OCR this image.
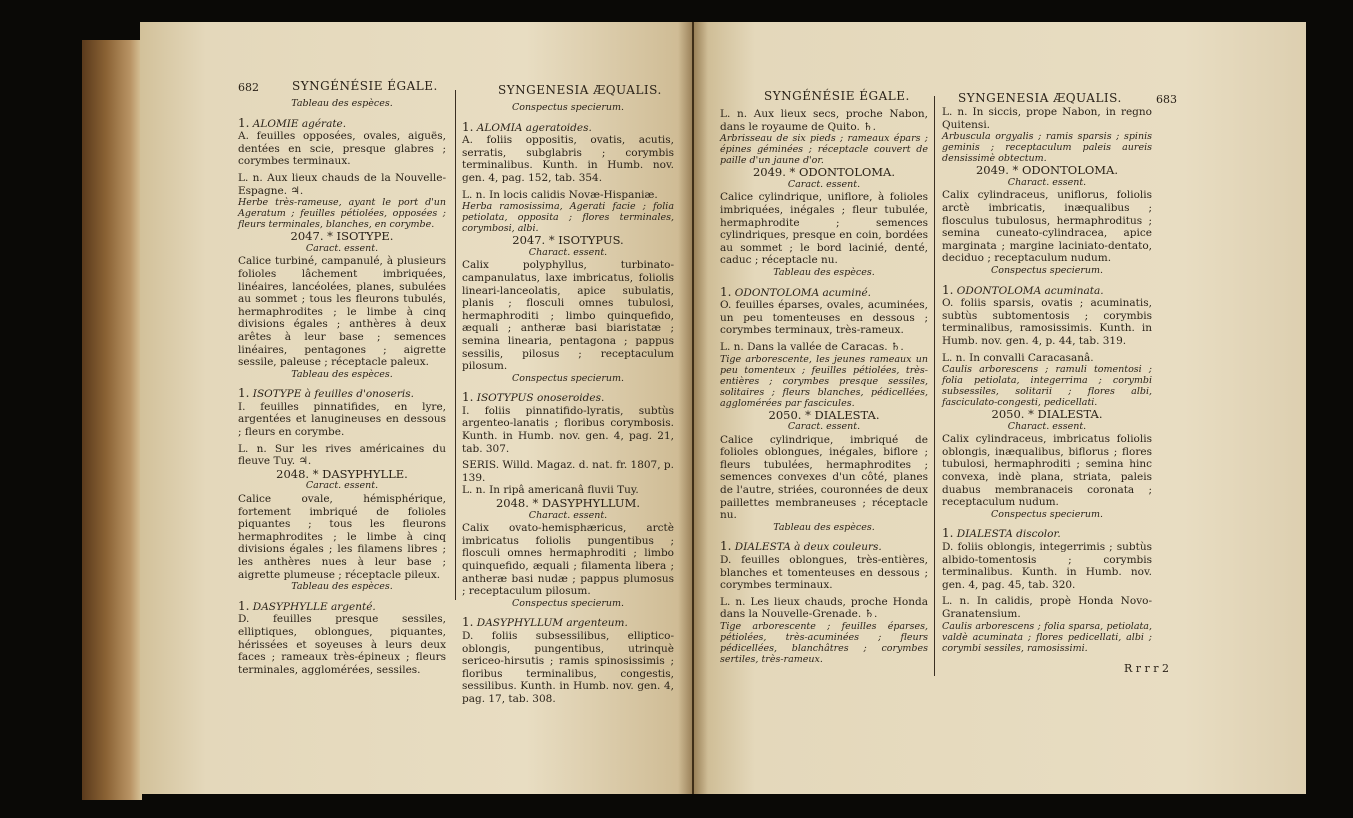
682	SYNGÉNÉSIE ÉGALE.	SYNGENESIA ÆQUALIS.

Tableau des espèces.

1. ALOMIE agérate.
A. feuilles opposées, ovales, aiguës, dentées en scie, presque glabres ; corymbes terminaux.

L. n. Aux lieux chauds de la Nouvelle-Espagne. ♃.

Herbe très-rameuse, ayant le port d'un Ageratum ; feuilles pétiolées, opposées ; fleurs terminales, blanches, en corymbe.

2047. * ISOTYPE.

Caract. essent.

Calice turbiné, campanulé, à plusieurs folioles lâchement imbriquées, linéaires, lancéolées, planes, subulées au sommet ; tous les fleurons tubulés, hermaphrodites ; le limbe à cinq divisions égales ; anthères à deux arêtes à leur base ; semences linéaires, pentagones ; aigrette sessile, paleuse ; réceptacle paleux.

Tableau des espèces.

1. ISOTYPE à feuilles d'onoseris.
I. feuilles pinnatifides, en lyre, argentées et lanugineuses en dessous ; fleurs en corymbe.

L. n. Sur les rives américaines du fleuve Tuy. ♃.

2048. * DASYPHYLLE.

Caract. essent.

Calice ovale, hémisphérique, fortement imbriqué de folioles piquantes ; tous les fleurons hermaphrodites ; le limbe à cinq divisions égales ; les filamens libres ; les anthères nues à leur base ; aigrette plumeuse ; réceptacle pileux.

Tableau des espèces.

1. DASYPHYLLE argenté.
D. feuilles presque sessiles, elliptiques, oblongues, piquantes, hérissées et soyeuses à leurs deux faces ; rameaux très-épineux ; fleurs terminales, agglomérées, sessiles.

Conspectus specierum.

1. ALOMIA ageratoides.
A. foliis oppositis, ovatis, acutis, serratis, subglabris ; corymbis terminalibus. Kunth. in Humb. nov. gen. 4, pag. 152, tab. 354.

L. n. In locis calidis Novæ-Hispaniæ.

Herba ramosissima, Agerati facie ; folia petiolata, opposita ; flores terminales, corymbosi, albi.

2047. * ISOTYPUS.

Charact. essent.

Calix polyphyllus, turbinato-campanulatus, laxe imbricatus, foliolis lineari-lanceolatis, apice subulatis, planis ; flosculi omnes tubulosi, hermaphroditi ; limbo quinquefido, æquali ; antheræ basi biaristatæ ; semina linearia, pentagona ; pappus sessilis, pilosus ; receptaculum pilosum.

Conspectus specierum.

1. ISOTYPUS onoseroides.
I. foliis pinnatifido-lyratis, subtùs argenteo-lanatis ; floribus corymbosis. Kunth. in Humb. nov. gen. 4, pag. 21, tab. 307.

SERIS. Willd. Magaz. d. nat. fr. 1807, p. 139.

L. n. In ripâ americanâ fluvii Tuy.

2048. * DASYPHYLLUM.

Charact. essent.

Calix ovato-hemisphæricus, arctè imbricatus foliolis pungentibus ; flosculi omnes hermaphroditi ; limbo quinquefido, æquali ; filamenta libera ; antheræ basi nudæ ; pappus plumosus ; receptaculum pilosum.

Conspectus specierum.

1. DASYPHYLLUM argenteum.
D. foliis subsessilibus, elliptico-oblongis, pungentibus, utrinquè sericeo-hirsutis ; ramis spinosissimis ; floribus terminalibus, congestis, sessilibus. Kunth. in Humb. nov. gen. 4, pag. 17, tab. 308.
SYNGÉNÉSIE ÉGALE.	SYNGENESIA ÆQUALIS.	683

L. n. Aux lieux secs, proche Nabon, dans le royaume de Quito. ♄.

Arbrisseau de six pieds ; rameaux épars ; épines géminées ; réceptacle couvert de paille d'un jaune d'or.

2049. * ODONTOLOMA.

Caract. essent.

Calice cylindrique, uniflore, à folioles imbriquées, inégales ; fleur tubulée, hermaphrodite ; semences cylindriques, presque en coin, bordées au sommet ; le bord lacinié, denté, caduc ; réceptacle nu.

Tableau des espèces.

1. ODONTOLOMA acuminé.
O. feuilles éparses, ovales, acuminées, un peu tomenteuses en dessous ; corymbes terminaux, très-rameux.

L. n. Dans la vallée de Caracas. ♄.

Tige arborescente, les jeunes rameaux un peu tomenteux ; feuilles pétiolées, très-entières ; corymbes presque sessiles, solitaires ; fleurs blanches, pédicellées, agglomérées par fascicules.

2050. * DIALESTA.

Caract. essent.

Calice cylindrique, imbriqué de folioles oblongues, inégales, biflore ; fleurs tubulées, hermaphrodites ; semences convexes d'un côté, planes de l'autre, striées, couronnées de deux paillettes membraneuses ; réceptacle nu.

Tableau des espèces.

1. DIALESTA à deux couleurs.
D. feuilles oblongues, très-entières, blanches et tomenteuses en dessous ; corymbes terminaux.

L. n. Les lieux chauds, proche Honda dans la Nouvelle-Grenade. ♄.

Tige arborescente ; feuilles éparses, pétiolées, très-acuminées ; fleurs pédicellées, blanchâtres ; corymbes sertiles, très-rameux.

L. n. In siccis, prope Nabon, in regno Quitensi.

Arbuscula orgyalis ; ramis sparsis ; spinis geminis ; receptaculum paleis aureis densissimè obtectum.

2049. * ODONTOLOMA.

Charact. essent.

Calix cylindraceus, uniflorus, foliolis arctè imbricatis, inæqualibus ; flosculus tubulosus, hermaphroditus ; semina cuneato-cylindracea, apice marginata ; margine laciniato-dentato, deciduo ; receptaculum nudum.

Conspectus specierum.

1. ODONTOLOMA acuminata.
O. foliis sparsis, ovatis ; acuminatis, subtùs subtomentosis ; corymbis terminalibus, ramosissimis. Kunth. in Humb. nov. gen. 4, p. 44, tab. 319.

L. n. In convalli Caracasanâ.

Caulis arborescens ; ramuli tomentosi ; folia petiolata, integerrima ; corymbi subsessiles, solitarii ; flores albi, fasciculato-congesti, pedicellati.

2050. * DIALESTA.

Charact. essent.

Calix cylindraceus, imbricatus foliolis oblongis, inæqualibus, biflorus ; flores tubulosi, hermaphroditi ; semina hinc convexa, indè plana, striata, paleis duabus membranaceis coronata ; receptaculum nudum.

Conspectus specierum.

1. DIALESTA discolor.
D. foliis oblongis, integerrimis ; subtùs albido-tomentosis ; corymbis terminalibus. Kunth. in Humb. nov. gen. 4, pag. 45, tab. 320.

L. n. In calidis, propè Honda Novo-Granatensium.

Caulis arborescens ; folia sparsa, petiolata, valdè acuminata ; flores pedicellati, albi ; corymbi sessiles, ramosissimi.

R r r r 2
